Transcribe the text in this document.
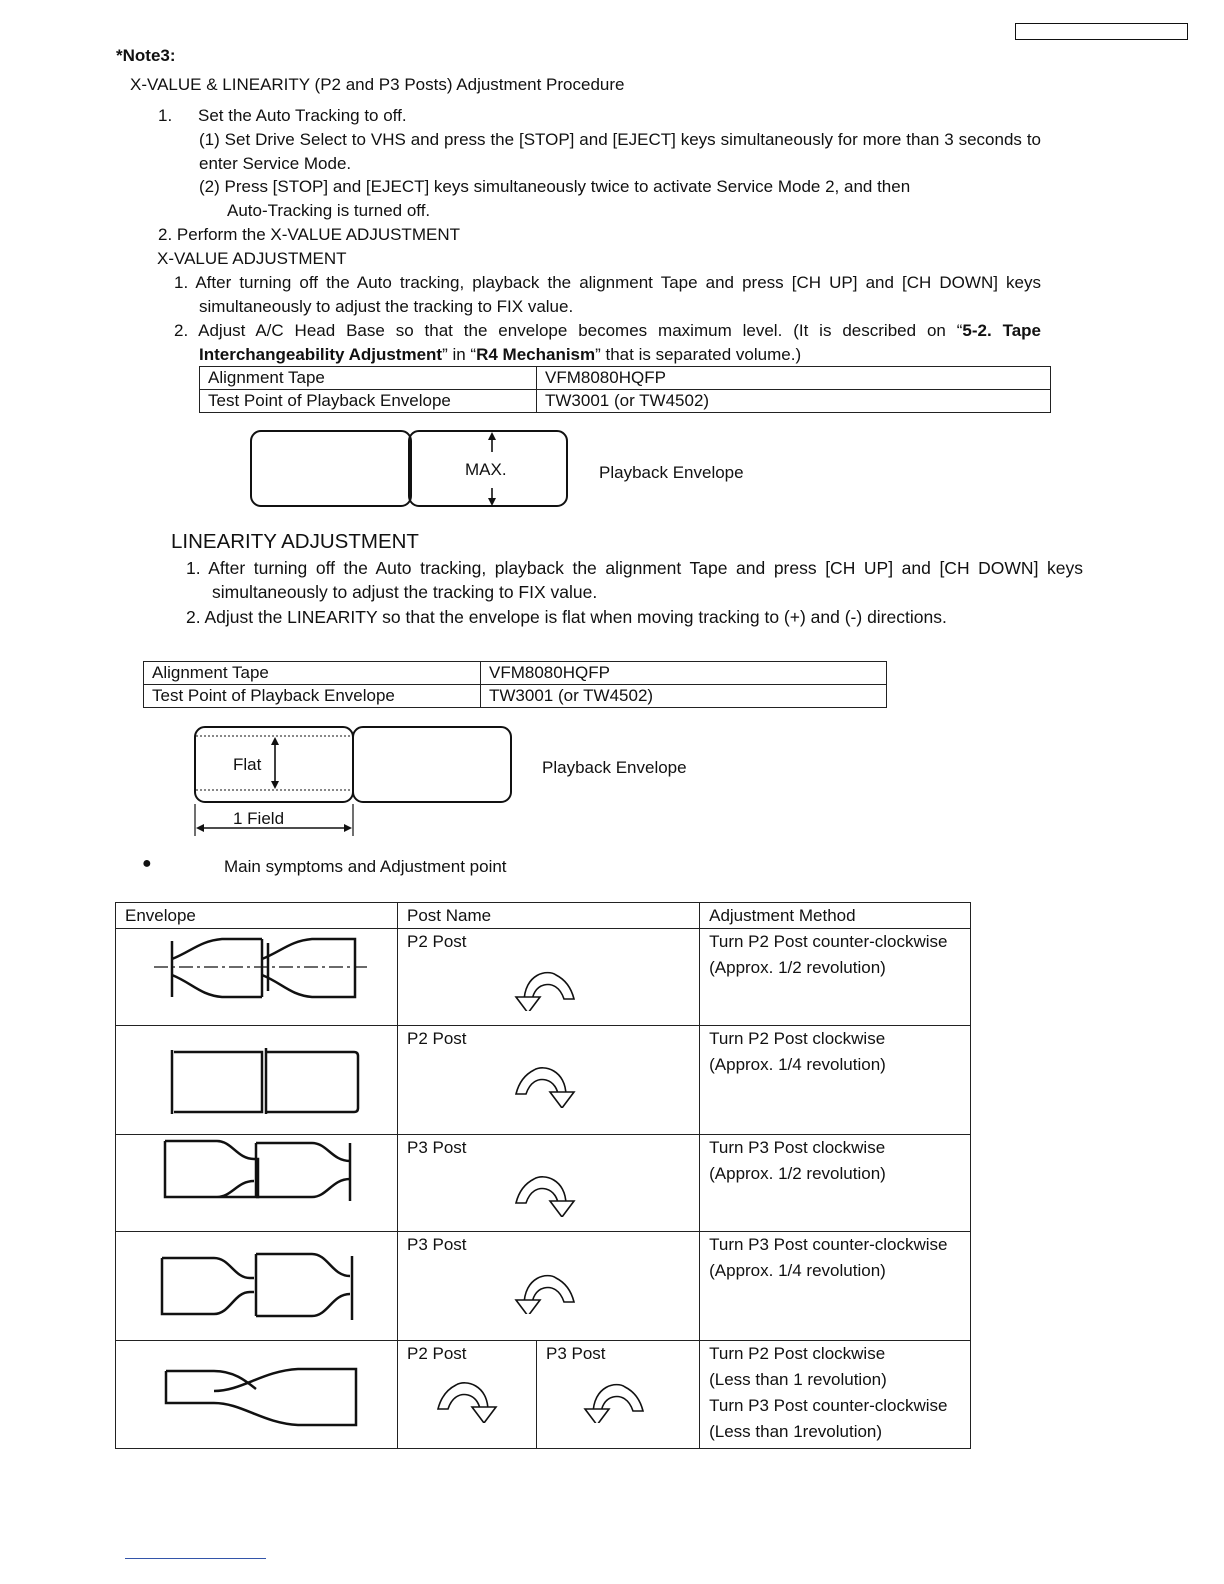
*Note3:
X-VALUE & LINEARITY (P2 and P3 Posts) Adjustment Procedure
1. Set the Auto Tracking to off.
(1) Set Drive Select to VHS and press the [STOP] and [EJECT] keys simultaneously for more than 3 seconds to enter Service Mode.
(2) Press [STOP] and [EJECT] keys simultaneously twice to activate Service Mode 2, and then
Auto-Tracking is turned off.
2. Perform the X-VALUE ADJUSTMENT
X-VALUE ADJUSTMENT
1. After turning off the Auto tracking, playback the alignment Tape and press [CH UP] and [CH DOWN] keys simultaneously to adjust the tracking to FIX value.
2. Adjust A/C Head Base so that the envelope becomes maximum level. (It is described on “5-2. Tape Interchangeability Adjustment” in “R4 Mechanism” that is separated volume.)
Alignment Tape	VFM8080HQFP
Test Point of Playback Envelope	TW3001 (or TW4502)
MAX.	Playback Envelope
LINEARITY ADJUSTMENT
1. After turning off the Auto tracking, playback the alignment Tape and press [CH UP] and [CH DOWN] keys simultaneously to adjust the tracking to FIX value.
2. Adjust the LINEARITY so that the envelope is flat when moving tracking to (+) and (-) directions.
Alignment Tape	VFM8080HQFP
Test Point of Playback Envelope	TW3001 (or TW4502)
Flat
1 Field
Playback Envelope
●	Main symptoms and Adjustment point
Envelope	Post Name		Adjustment Method

P2 Post		Turn P2 Post counter-clockwise
(Approx. 1/2 revolution)

P2 Post		Turn P2 Post clockwise
(Approx. 1/4 revolution)

P3 Post		Turn P3 Post clockwise
(Approx. 1/2 revolution)

P3 Post		Turn P3 Post counter-clockwise
(Approx. 1/4 revolution)

P2 Post	P3 Post	Turn P2 Post clockwise
(Less than 1 revolution)
Turn P3 Post counter-clockwise
(Less than 1revolution)
